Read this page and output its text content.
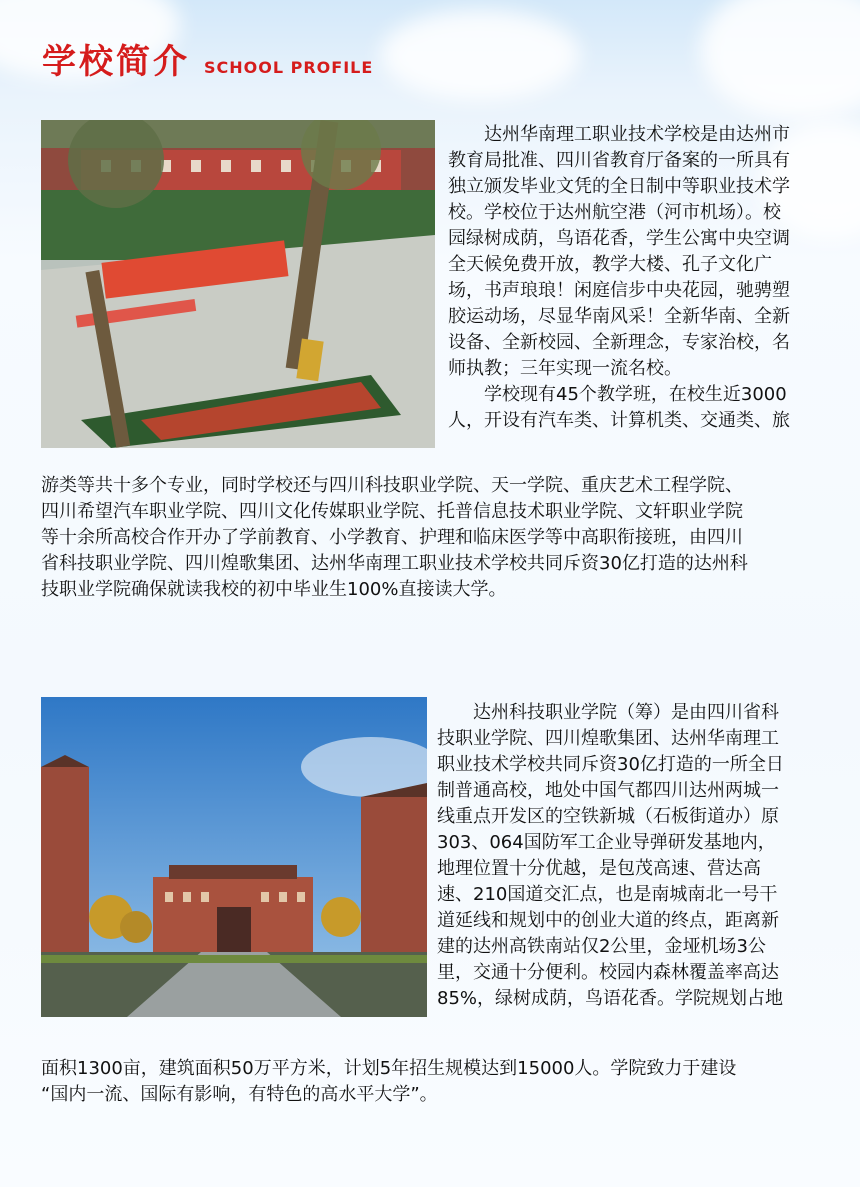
学校简介 SCHOOL PROFILE

达州华南理工职业技术学校是由达州市
教育局批准、四川省教育厅备案的一所具有
独立颁发毕业文凭的全日制中等职业技术学
校。学校位于达州航空港（河市机场）。校
园绿树成荫，鸟语花香，学生公寓中央空调
全天候免费开放，教学大楼、孔子文化广
场，书声琅琅！闲庭信步中央花园，驰骋塑
胶运动场，尽显华南风采！全新华南、全新
设备、全新校园、全新理念，专家治校，名
师执教；三年实现一流名校。
学校现有45个教学班，在校生近3000
人，开设有汽车类、计算机类、交通类、旅

游类等共十多个专业，同时学校还与四川科技职业学院、天一学院、重庆艺术工程学院、
四川希望汽车职业学院、四川文化传媒职业学院、托普信息技术职业学院、文轩职业学院
等十余所高校合作开办了学前教育、小学教育、护理和临床医学等中高职衔接班，由四川
省科技职业学院、四川煌歌集团、达州华南理工职业技术学校共同斥资30亿打造的达州科
技职业学院确保就读我校的初中毕业生100%直接读大学。

达州科技职业学院（筹）是由四川省科
技职业学院、四川煌歌集团、达州华南理工
职业技术学校共同斥资30亿打造的一所全日
制普通高校，地处中国气都四川达州两城一
线重点开发区的空铁新城（石板街道办）原
303、064国防军工企业导弹研发基地内，
地理位置十分优越，是包茂高速、营达高
速、210国道交汇点，也是南城南北一号干
道延线和规划中的创业大道的终点，距离新
建的达州高铁南站仅2公里，金垭机场3公
里，交通十分便利。校园内森林覆盖率高达
85%，绿树成荫，鸟语花香。学院规划占地

面积1300亩，建筑面积50万平方米，计划5年招生规模达到15000人。学院致力于建设
“国内一流、国际有影响，有特色的高水平大学”。
